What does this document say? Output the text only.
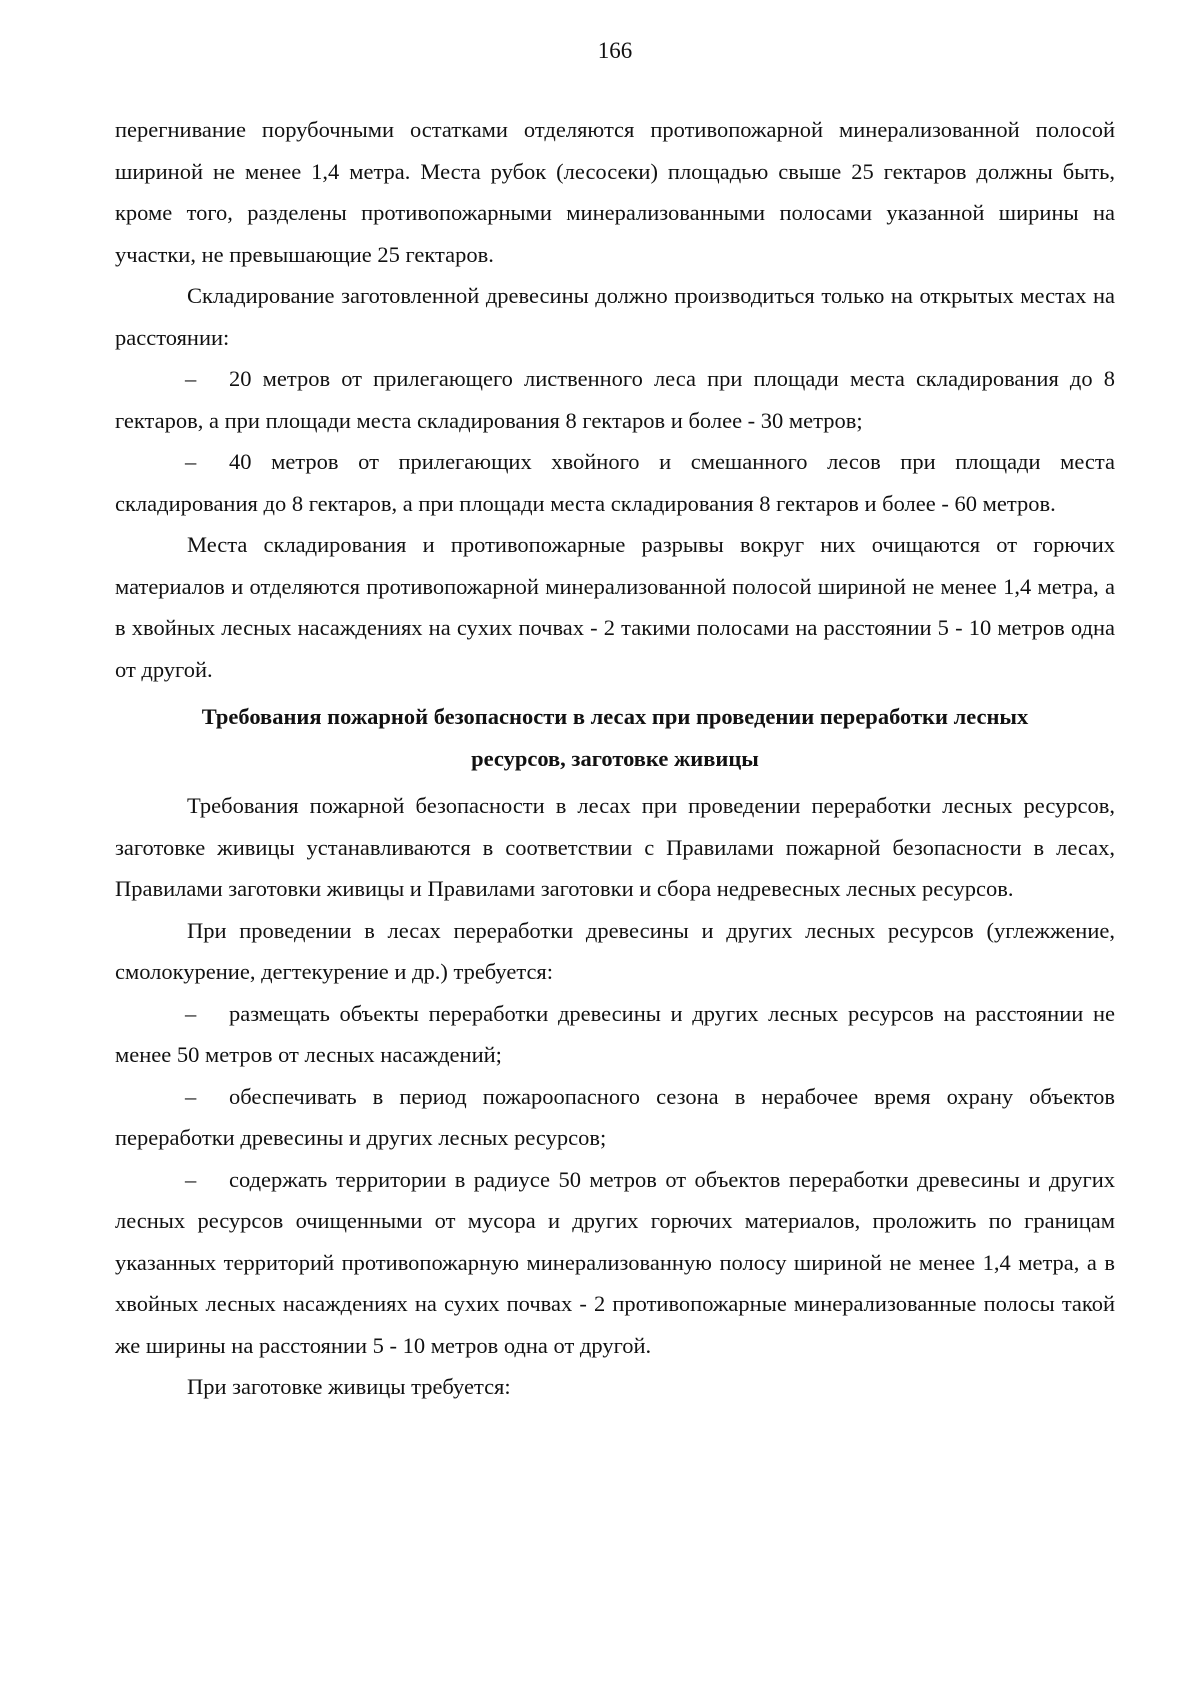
166

перегнивание порубочными остатками отделяются противопожарной минерализованной полосой шириной не менее 1,4 метра. Места рубок (лесосеки) площадью свыше 25 гектаров должны быть, кроме того, разделены противопожарными минерализованными полосами указанной ширины на участки, не превышающие 25 гектаров.

Складирование заготовленной древесины должно производиться только на открытых местах на расстоянии:

– 20 метров от прилегающего лиственного леса при площади места складирования до 8 гектаров, а при площади места складирования 8 гектаров и более - 30 метров;

– 40 метров от прилегающих хвойного и смешанного лесов при площади места складирования до 8 гектаров, а при площади места складирования 8 гектаров и более - 60 метров.

Места складирования и противопожарные разрывы вокруг них очищаются от горючих материалов и отделяются противопожарной минерализованной полосой шириной не менее 1,4 метра, а в хвойных лесных насаждениях на сухих почвах - 2 такими полосами на расстоянии 5 - 10 метров одна от другой.

Требования пожарной безопасности в лесах при проведении переработки лесных ресурсов, заготовке живицы

Требования пожарной безопасности в лесах при проведении переработки лесных ресурсов, заготовке живицы устанавливаются в соответствии с Правилами пожарной безопасности в лесах, Правилами заготовки живицы и Правилами заготовки и сбора недревесных лесных ресурсов.

При проведении в лесах переработки древесины и других лесных ресурсов (углежжение, смолокурение, дегтекурение и др.) требуется:

– размещать объекты переработки древесины и других лесных ресурсов на расстоянии не менее 50 метров от лесных насаждений;

– обеспечивать в период пожароопасного сезона в нерабочее время охрану объектов переработки древесины и других лесных ресурсов;

– содержать территории в радиусе 50 метров от объектов переработки древесины и других лесных ресурсов очищенными от мусора и других горючих материалов, проложить по границам указанных территорий противопожарную минерализованную полосу шириной не менее 1,4 метра, а в хвойных лесных насаждениях на сухих почвах - 2 противопожарные минерализованные полосы такой же ширины на расстоянии 5 - 10 метров одна от другой.

При заготовке живицы требуется:
